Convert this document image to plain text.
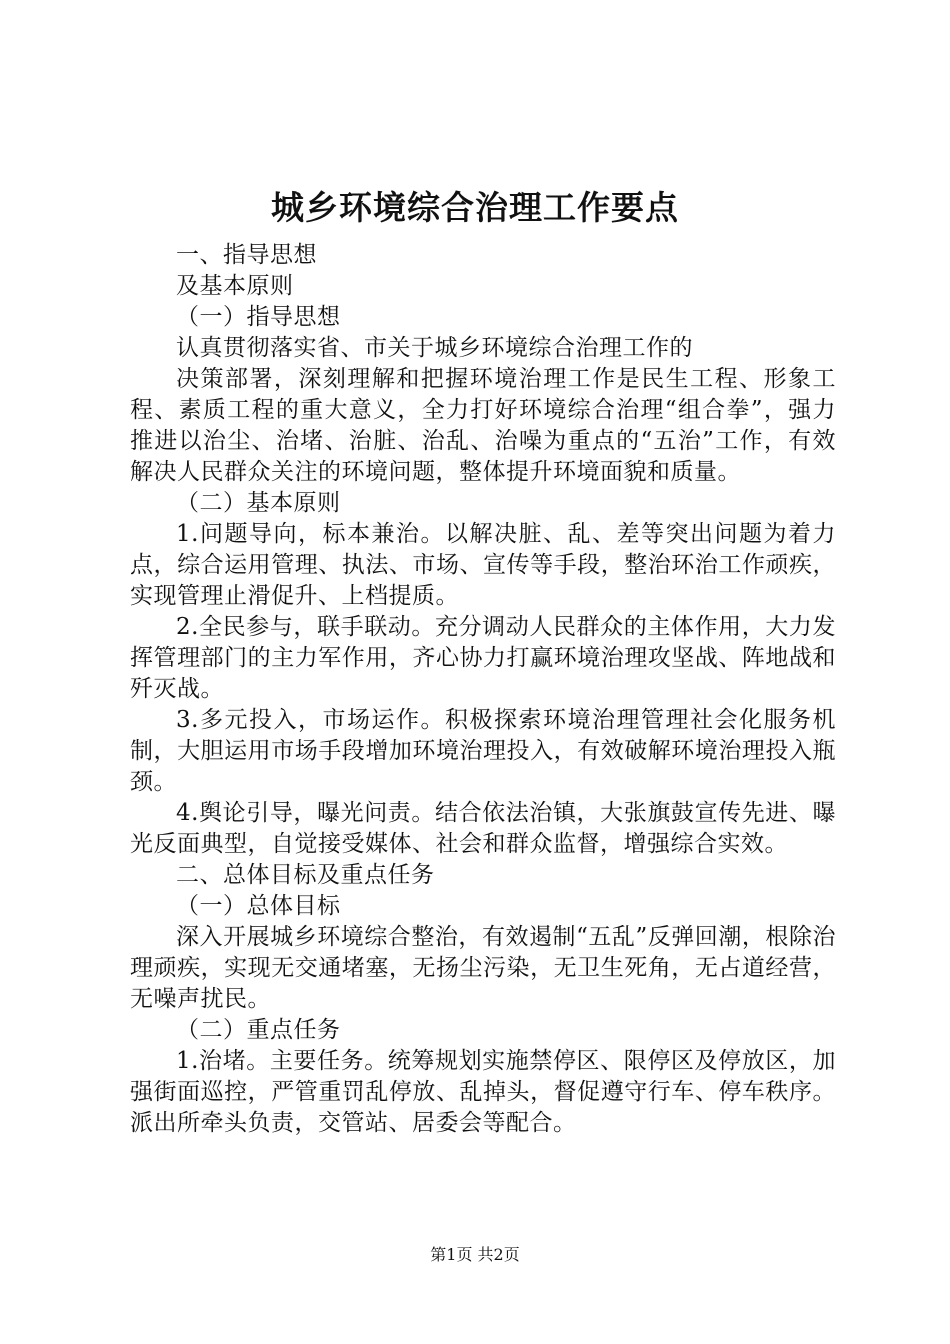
城乡环境综合治理工作要点

一、指导思想

及基本原则

（一）指导思想

认真贯彻落实省、市关于城乡环境综合治理工作的

决策部署，深刻理解和把握环境治理工作是民生工程、形象工程、素质工程的重大意义，全力打好环境综合治理“组合拳”，强力推进以治尘、治堵、治脏、治乱、治噪为重点的“五治”工作，有效解决人民群众关注的环境问题，整体提升环境面貌和质量。

（二）基本原则

1.问题导向，标本兼治。以解决脏、乱、差等突出问题为着力点，综合运用管理、执法、市场、宣传等手段，整治环治工作顽疾，实现管理止滑促升、上档提质。

2.全民参与，联手联动。充分调动人民群众的主体作用，大力发挥管理部门的主力军作用，齐心协力打赢环境治理攻坚战、阵地战和歼灭战。

3.多元投入，市场运作。积极探索环境治理管理社会化服务机制，大胆运用市场手段增加环境治理投入，有效破解环境治理投入瓶颈。

4.舆论引导，曝光问责。结合依法治镇，大张旗鼓宣传先进、曝光反面典型，自觉接受媒体、社会和群众监督，增强综合实效。

二、总体目标及重点任务

（一）总体目标

深入开展城乡环境综合整治，有效遏制“五乱”反弹回潮，根除治理顽疾，实现无交通堵塞，无扬尘污染，无卫生死角，无占道经营，无噪声扰民。

（二）重点任务

1.治堵。主要任务。统筹规划实施禁停区、限停区及停放区，加强街面巡控，严管重罚乱停放、乱掉头，督促遵守行车、停车秩序。派出所牵头负责，交管站、居委会等配合。

第1页 共2页
